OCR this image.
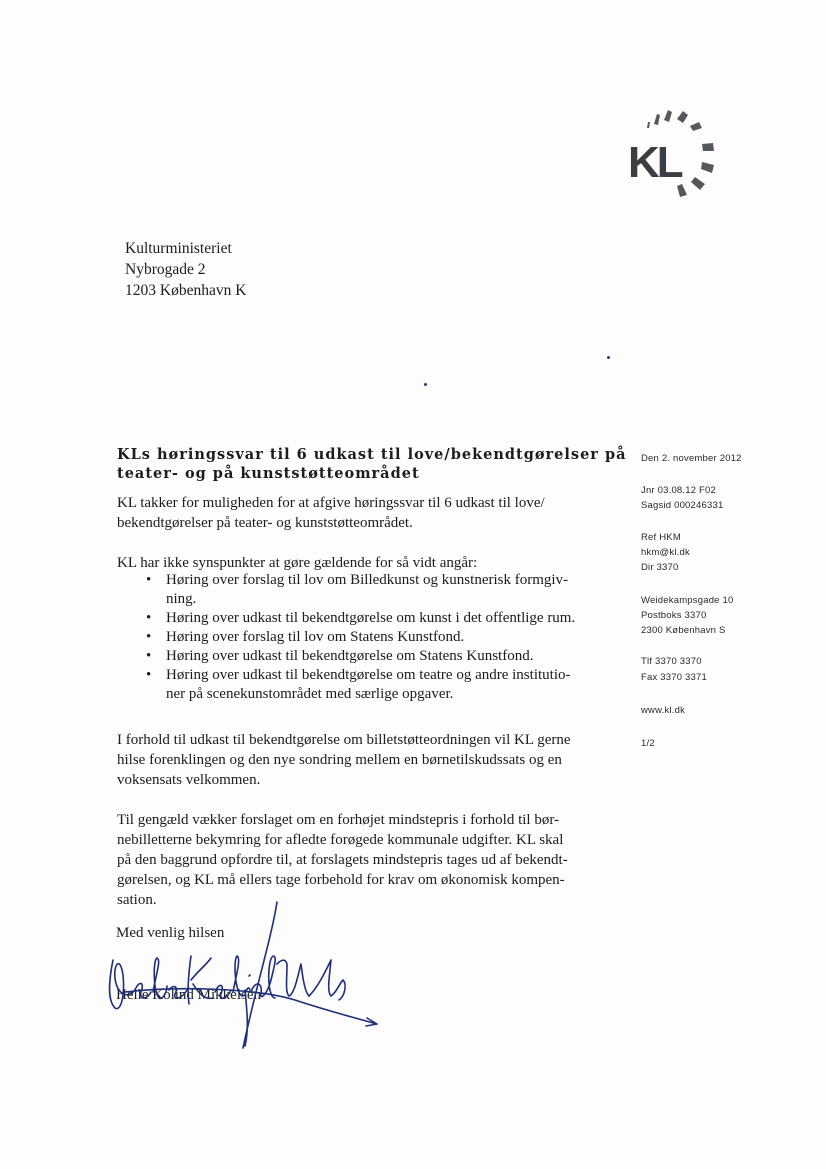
KL
Kulturministeriet
Nybrogade 2
1203 København K
KLs høringssvar til 6 udkast til love/bekendtgørelser på
teater- og på kunststøtteområdet
KL takker for muligheden for at afgive høringssvar til 6 udkast til love/
bekendtgørelser på teater- og kunststøtteområdet.
KL har ikke synspunkter at gøre gældende for så vidt angår:
• Høring over forslag til lov om Billedkunst og kunstnerisk formgiv-
ning.
• Høring over udkast til bekendtgørelse om kunst i det offentlige rum.
• Høring over forslag til lov om Statens Kunstfond.
• Høring over udkast til bekendtgørelse om Statens Kunstfond.
• Høring over udkast til bekendtgørelse om teatre og andre institutio-
ner på scenekunstområdet med særlige opgaver.
I forhold til udkast til bekendtgørelse om billetstøtteordningen vil KL gerne
hilse forenklingen og den nye sondring mellem en børnetilskudssats og en
voksensats velkommen.
Til gengæld vækker forslaget om en forhøjet mindstepris i forhold til bør-
nebilletterne bekymring for afledte forøgede kommunale udgifter. KL skal
på den baggrund opfordre til, at forslagets mindstepris tages ud af bekendt-
gørelsen, og KL må ellers tage forbehold for krav om økonomisk kompen-
sation.
Med venlig hilsen
Helle Kolind Mikkelsen
Den 2. november 2012
Jnr 03.08.12 F02
Sagsid 000246331
Ref HKM
hkm@kl.dk
Dir 3370
Weidekampsgade 10
Postboks 3370
2300 København S
Tlf 3370 3370
Fax 3370 3371
www.kl.dk
1/2
